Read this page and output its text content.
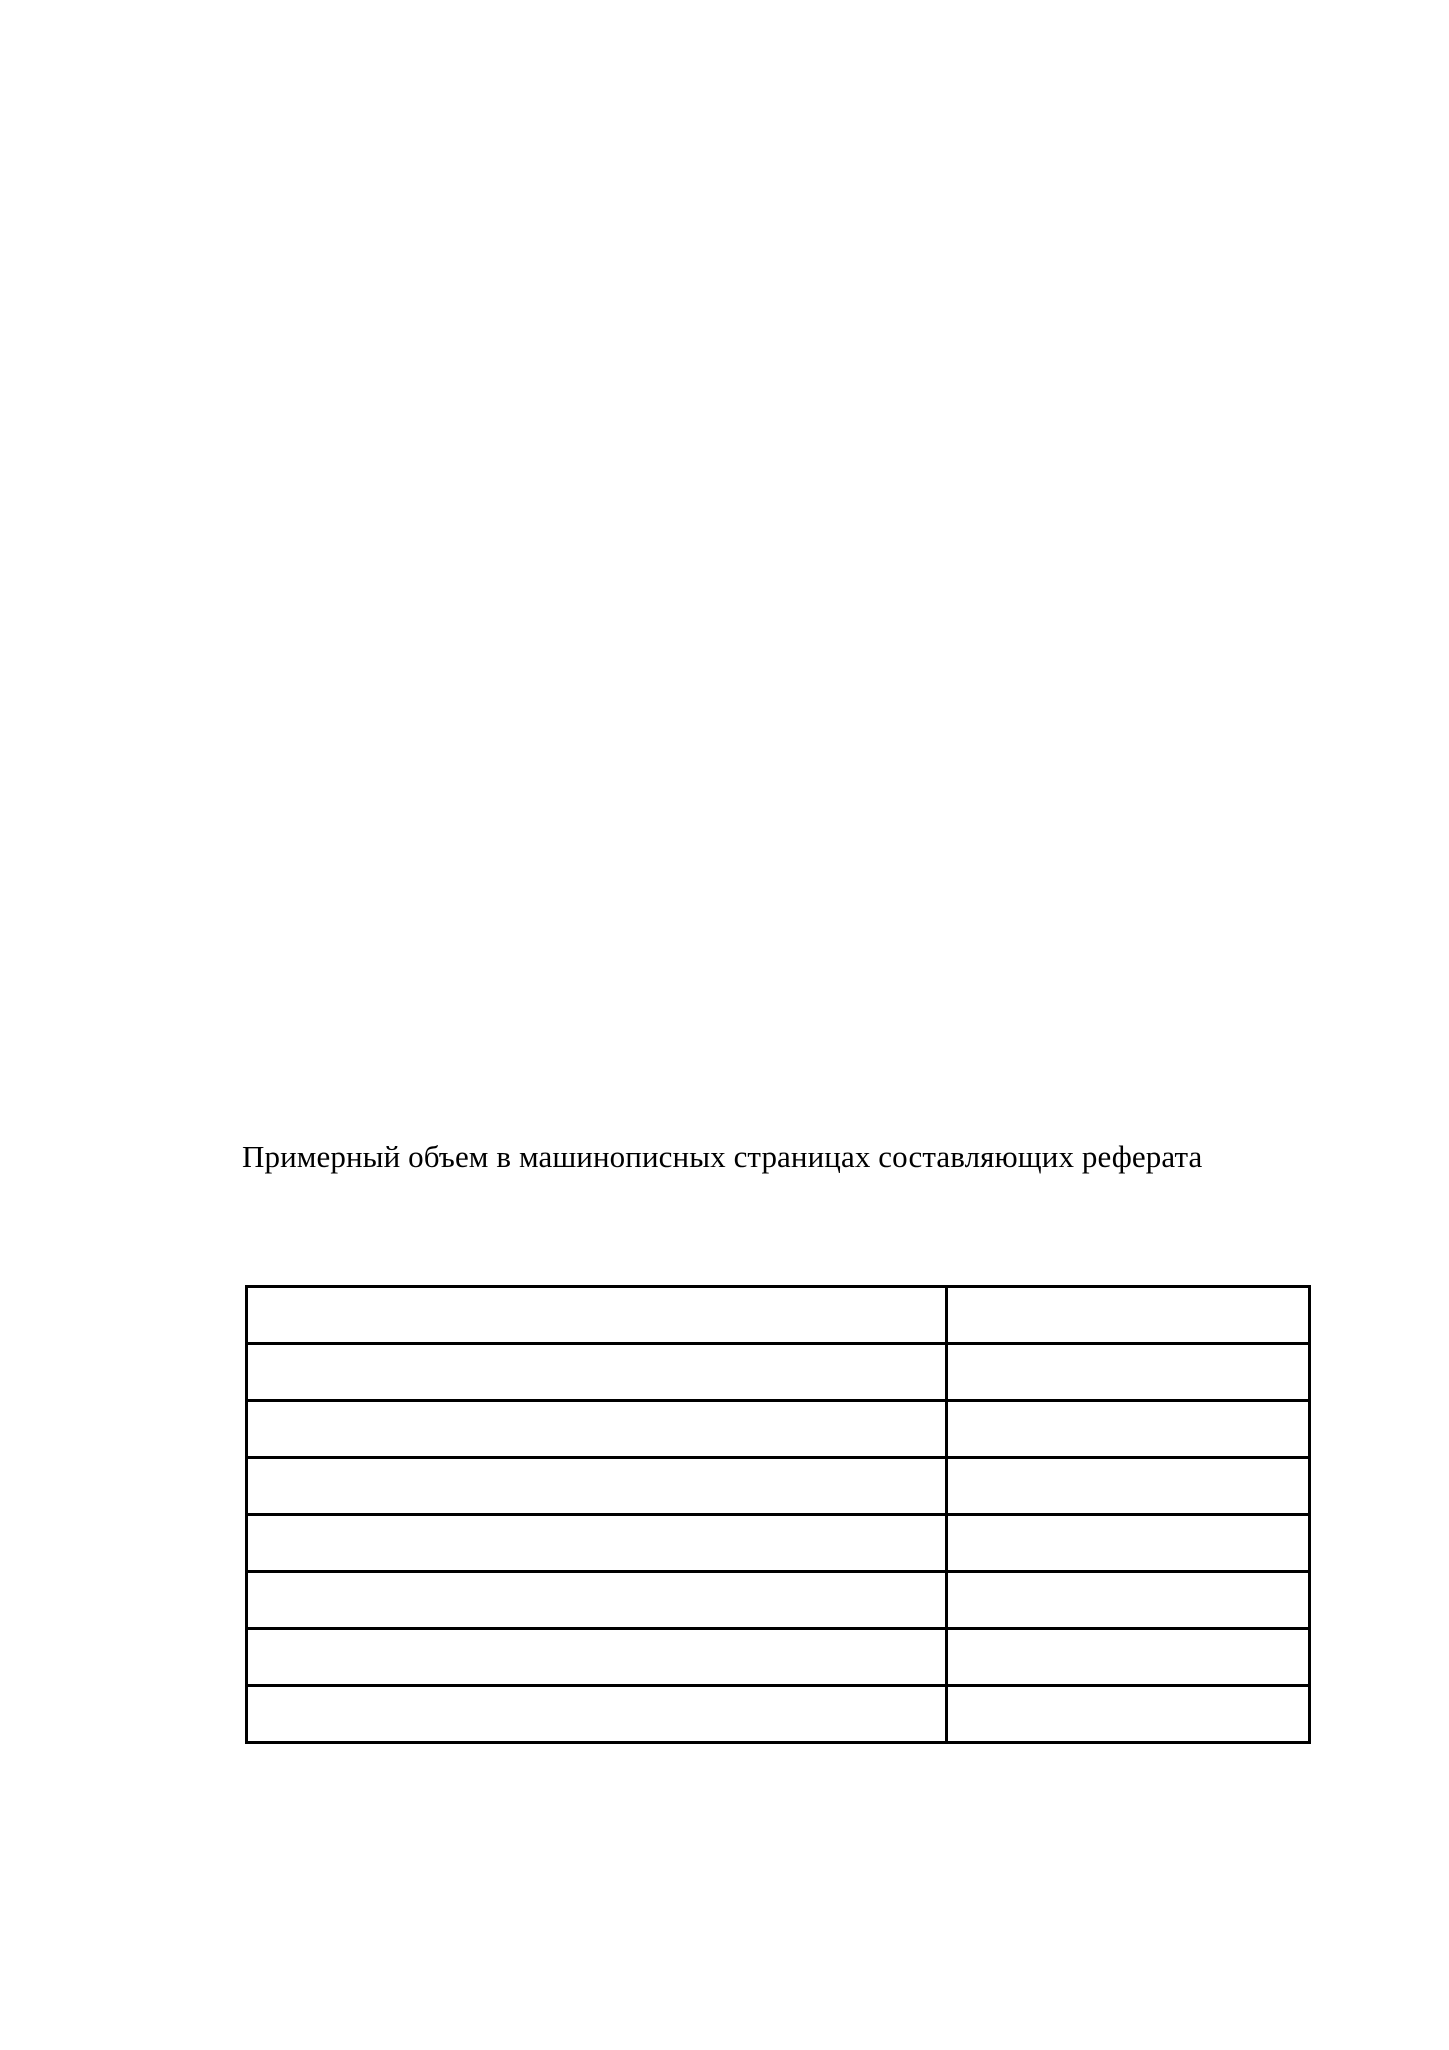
Примерный объем в машинописных страницах составляющих реферата
